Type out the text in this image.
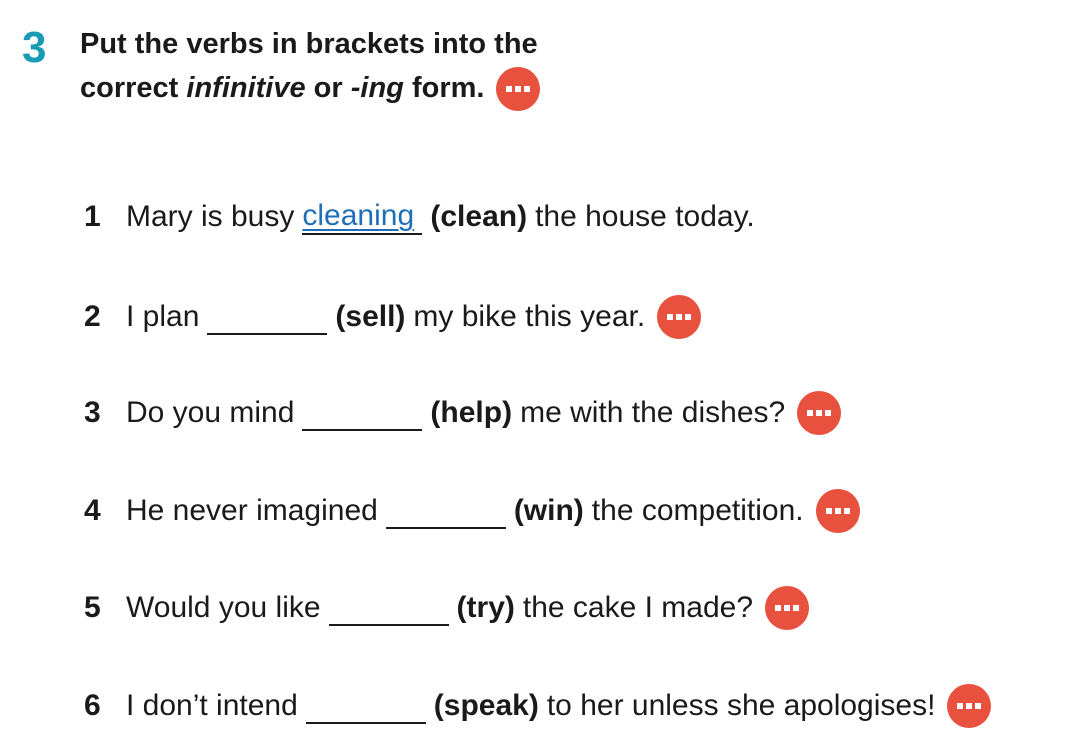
3 Put the verbs in brackets into the
correct infinitive or -ing form.
1 Mary is busy cleaning (clean) the house today.
2 I plan	(sell) my bike this year.
3 Do you mind	(help) me with the dishes?
4 He never imagined	(win) the competition.
5 Would you like	(try) the cake I made?
6 I don’t intend	(speak) to her unless she apologises!
